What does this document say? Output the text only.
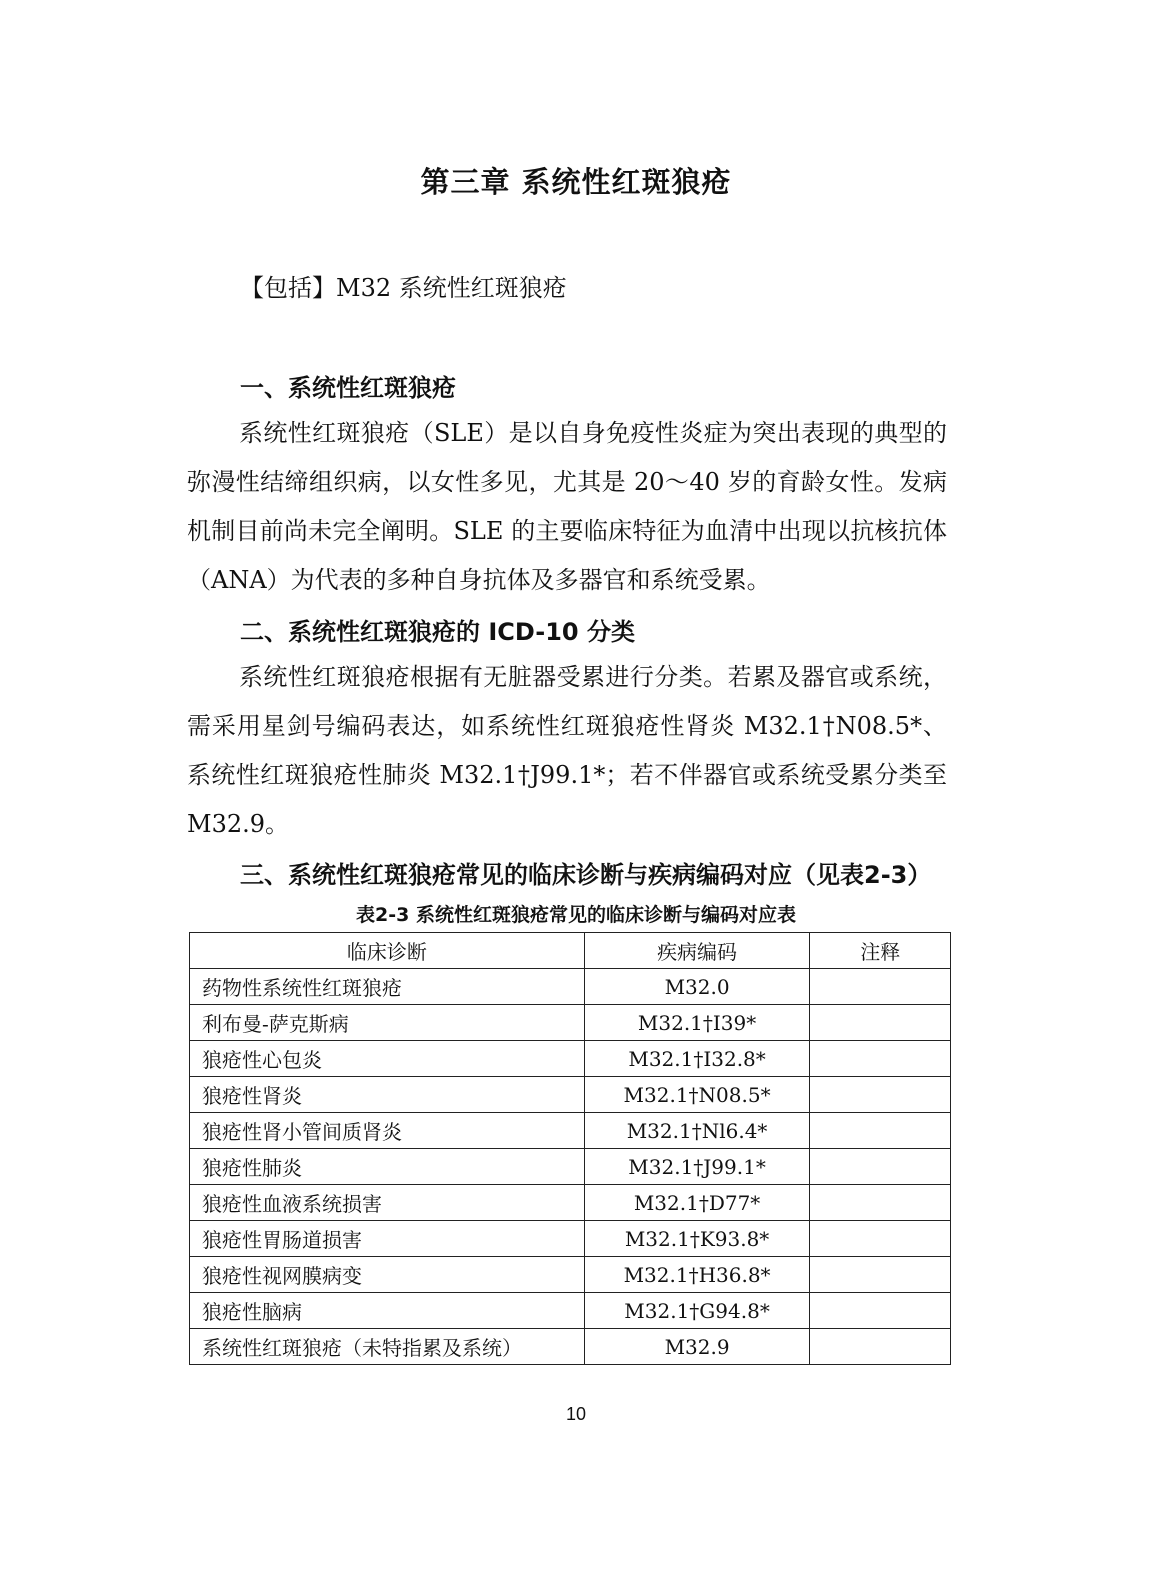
第三章 系统性红斑狼疮
【包括】M32 系统性红斑狼疮
一、系统性红斑狼疮

系统性红斑狼疮（SLE）是以自身免疫性炎症为突出表现的典型的弥漫性结缔组织病，以女性多见，尤其是 20～40 岁的育龄女性。发病机制目前尚未完全阐明。SLE 的主要临床特征为血清中出现以抗核抗体（ANA）为代表的多种自身抗体及多器官和系统受累。

二、系统性红斑狼疮的 ICD-10 分类

系统性红斑狼疮根据有无脏器受累进行分类。若累及器官或系统，需采用星剑号编码表达，如系统性红斑狼疮性肾炎 M32.1†N08.5*、系统性红斑狼疮性肺炎 M32.1†J99.1*；若不伴器官或系统受累分类至 M32.9。

三、系统性红斑狼疮常见的临床诊断与疾病编码对应（见表2-3）
表2-3 系统性红斑狼疮常见的临床诊断与编码对应表
临床诊断	疾病编码	注释
药物性系统性红斑狼疮	M32.0	
利布曼-萨克斯病	M32.1†I39*	
狼疮性心包炎	M32.1†I32.8*	
狼疮性肾炎	M32.1†N08.5*	
狼疮性肾小管间质肾炎	M32.1†Nl6.4*	
狼疮性肺炎	M32.1†J99.1*	
狼疮性血液系统损害	M32.1†D77*	
狼疮性胃肠道损害	M32.1†K93.8*	
狼疮性视网膜病变	M32.1†H36.8*	
狼疮性脑病	M32.1†G94.8*	
系统性红斑狼疮（未特指累及系统）	M32.9	
10
